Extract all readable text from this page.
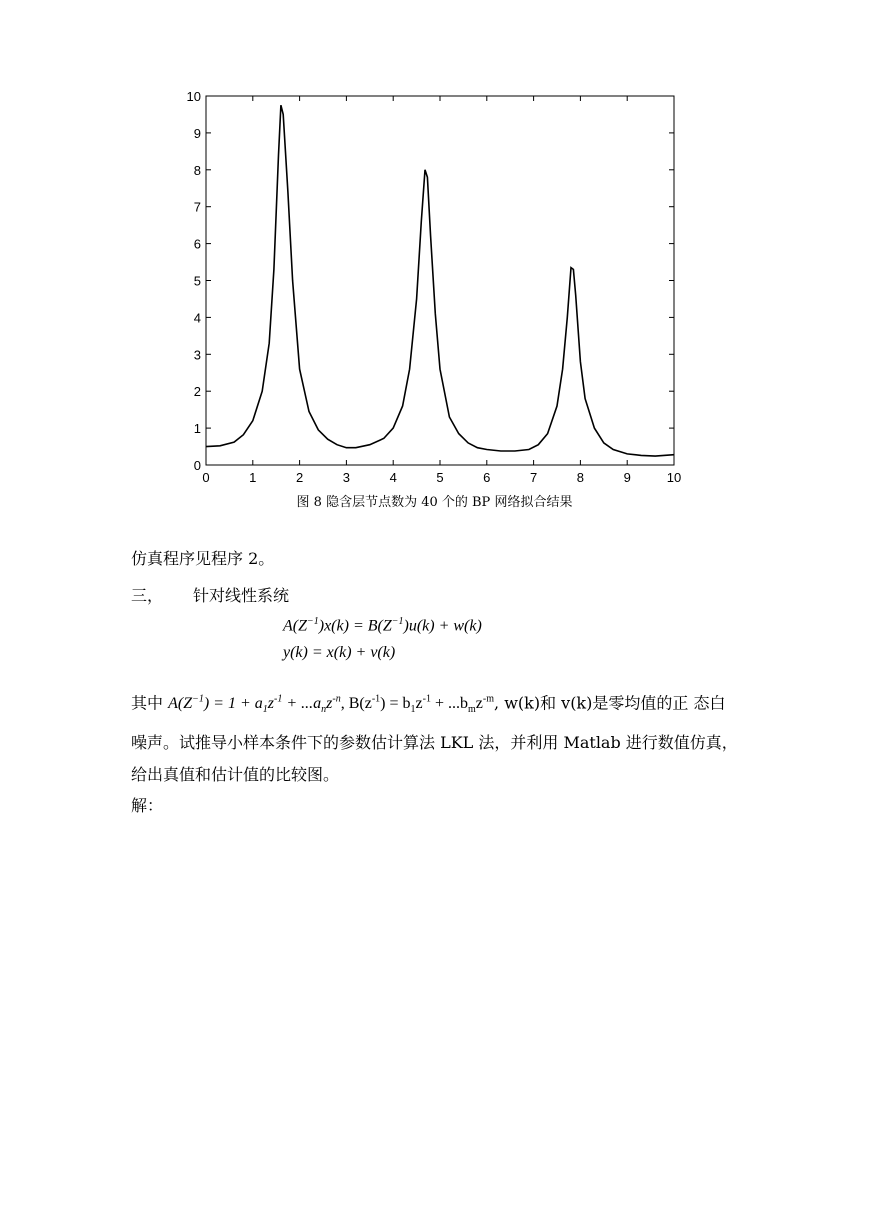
0	1	2	3	4	5	6	7	8	9	10
0
1
2
3
4
5
6
7
8
9
10
图 8 隐含层节点数为 40 个的 BP 网络拟合结果
仿真程序见程序 2。
三， 针对线性系统
$A(Z^{-1})x(k) = B(Z^{-1})u(k) + w(k)$
y(k) = x(k) + v(k)
其中 $A(Z^{-1}) = 1 + a_1z^{-1} + ...a_nz^{-n}$, $B(z^{-1}) = b_1z^{-1} + ...b_mz^{-m}$, w(k)和 v(k)是零均值的正 态白噪声。试推导小样本条件下的参数估计算法 LKL 法，并利用 Matlab 进行数值仿真，给出真值和估计值的比较图。
解：
